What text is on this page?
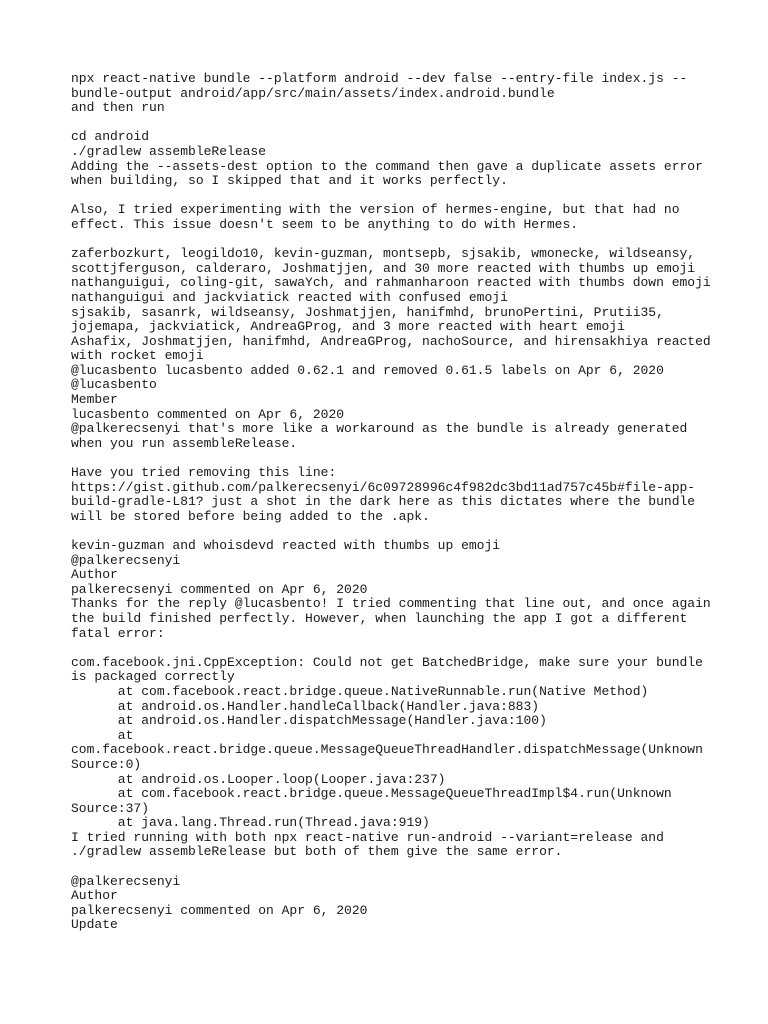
npx react-native bundle --platform android --dev false --entry-file index.js --
bundle-output android/app/src/main/assets/index.android.bundle
and then run
cd android
./gradlew assembleRelease
Adding the --assets-dest option to the command then gave a duplicate assets error
when building, so I skipped that and it works perfectly.
Also, I tried experimenting with the version of hermes-engine, but that had no
effect. This issue doesn't seem to be anything to do with Hermes.
zaferbozkurt, leogildo10, kevin-guzman, montsepb, sjsakib, wmonecke, wildseansy,
scottjferguson, calderaro, Joshmatjjen, and 30 more reacted with thumbs up emoji
nathanguigui, coling-git, sawaYch, and rahmanharoon reacted with thumbs down emoji
nathanguigui and jackviatick reacted with confused emoji
sjsakib, sasanrk, wildseansy, Joshmatjjen, hanifmhd, brunoPertini, Prutii35,
jojemapa, jackviatick, AndreaGProg, and 3 more reacted with heart emoji
Ashafix, Joshmatjjen, hanifmhd, AndreaGProg, nachoSource, and hirensakhiya reacted
with rocket emoji
@lucasbento lucasbento added 0.62.1 and removed 0.61.5 labels on Apr 6, 2020
@lucasbento
Member
lucasbento commented on Apr 6, 2020
@palkerecsenyi that's more like a workaround as the bundle is already generated
when you run assembleRelease.
Have you tried removing this line:
https://gist.github.com/palkerecsenyi/6c09728996c4f982dc3bd11ad757c45b#file-app-
build-gradle-L81? just a shot in the dark here as this dictates where the bundle
will be stored before being added to the .apk.
kevin-guzman and whoisdevd reacted with thumbs up emoji
@palkerecsenyi
Author
palkerecsenyi commented on Apr 6, 2020
Thanks for the reply @lucasbento! I tried commenting that line out, and once again
the build finished perfectly. However, when launching the app I got a different
fatal error:
com.facebook.jni.CppException: Could not get BatchedBridge, make sure your bundle
is packaged correctly
at com.facebook.react.bridge.queue.NativeRunnable.run(Native Method)
at android.os.Handler.handleCallback(Handler.java:883)
at android.os.Handler.dispatchMessage(Handler.java:100)
at
com.facebook.react.bridge.queue.MessageQueueThreadHandler.dispatchMessage(Unknown
Source:0)
at android.os.Looper.loop(Looper.java:237)
at com.facebook.react.bridge.queue.MessageQueueThreadImpl$4.run(Unknown
Source:37)
at java.lang.Thread.run(Thread.java:919)
I tried running with both npx react-native run-android --variant=release and
./gradlew assembleRelease but both of them give the same error.
@palkerecsenyi
Author
palkerecsenyi commented on Apr 6, 2020
Update
